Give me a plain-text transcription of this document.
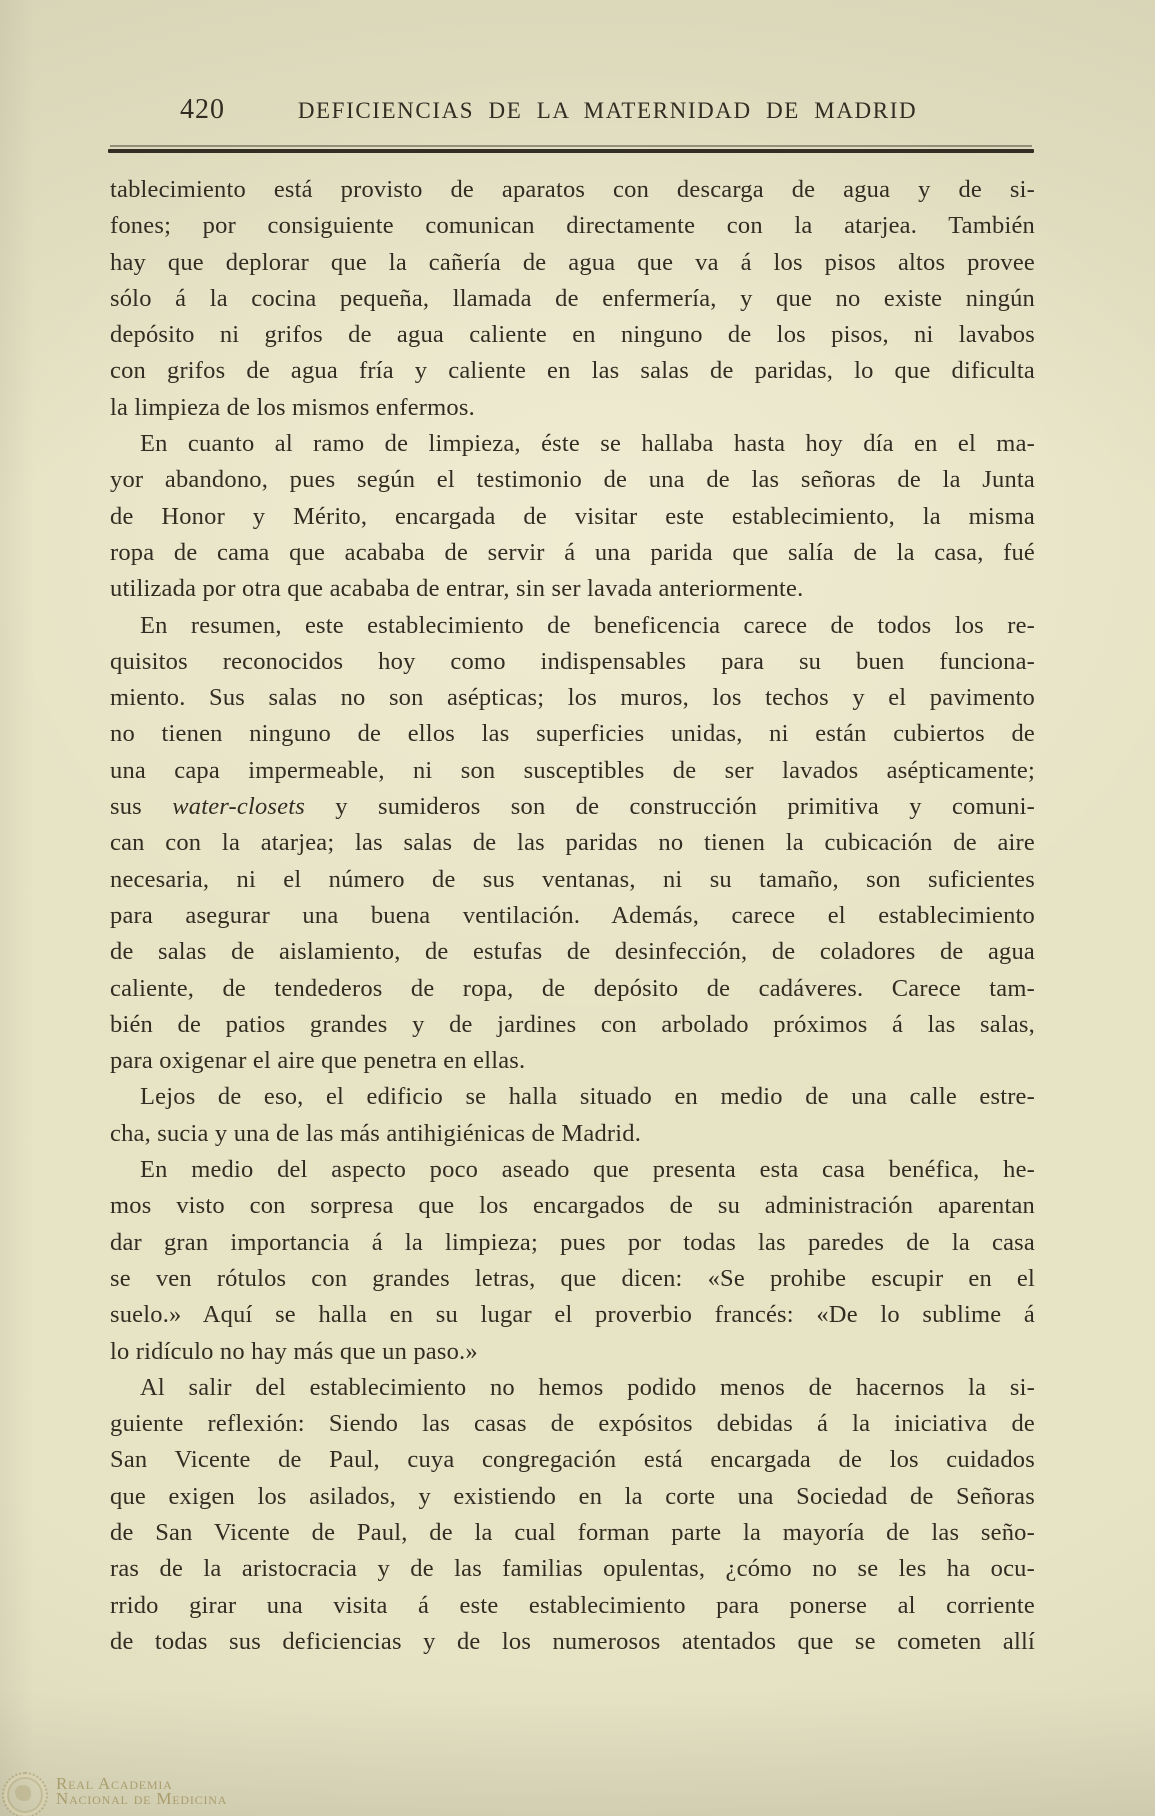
420	DEFICIENCIAS DE LA MATERNIDAD DE MADRID
tablecimiento está provisto de aparatos con descarga de agua y de si-
fones; por consiguiente comunican directamente con la atarjea. También
hay que deplorar que la cañería de agua que va á los pisos altos provee
sólo á la cocina pequeña, llamada de enfermería, y que no existe ningún
depósito ni grifos de agua caliente en ninguno de los pisos, ni lavabos
con grifos de agua fría y caliente en las salas de paridas, lo que dificulta
la limpieza de los mismos enfermos.
En cuanto al ramo de limpieza, éste se hallaba hasta hoy día en el ma-
yor abandono, pues según el testimonio de una de las señoras de la Junta
de Honor y Mérito, encargada de visitar este establecimiento, la misma
ropa de cama que acababa de servir á una parida que salía de la casa, fué
utilizada por otra que acababa de entrar, sin ser lavada anteriormente.
En resumen, este establecimiento de beneficencia carece de todos los re-
quisitos reconocidos hoy como indispensables para su buen funciona-
miento. Sus salas no son asépticas; los muros, los techos y el pavimento
no tienen ninguno de ellos las superficies unidas, ni están cubiertos de
una capa impermeable, ni son susceptibles de ser lavados asépticamente;
sus water-closets y sumideros son de construcción primitiva y comuni-
can con la atarjea; las salas de las paridas no tienen la cubicación de aire
necesaria, ni el número de sus ventanas, ni su tamaño, son suficientes
para asegurar una buena ventilación. Además, carece el establecimiento
de salas de aislamiento, de estufas de desinfección, de coladores de agua
caliente, de tendederos de ropa, de depósito de cadáveres. Carece tam-
bién de patios grandes y de jardines con arbolado próximos á las salas,
para oxigenar el aire que penetra en ellas.
Lejos de eso, el edificio se halla situado en medio de una calle estre-
cha, sucia y una de las más antihigiénicas de Madrid.
En medio del aspecto poco aseado que presenta esta casa benéfica, he-
mos visto con sorpresa que los encargados de su administración aparentan
dar gran importancia á la limpieza; pues por todas las paredes de la casa
se ven rótulos con grandes letras, que dicen: «Se prohibe escupir en el
suelo.» Aquí se halla en su lugar el proverbio francés: «De lo sublime á
lo ridículo no hay más que un paso.»
Al salir del establecimiento no hemos podido menos de hacernos la si-
guiente reflexión: Siendo las casas de expósitos debidas á la iniciativa de
San Vicente de Paul, cuya congregación está encargada de los cuidados
que exigen los asilados, y existiendo en la corte una Sociedad de Señoras
de San Vicente de Paul, de la cual forman parte la mayoría de las seño-
ras de la aristocracia y de las familias opulentas, ¿cómo no se les ha ocu-
rrido girar una visita á este establecimiento para ponerse al corriente
de todas sus deficiencias y de los numerosos atentados que se cometen allí
Real Academia
Nacional de Medicina
